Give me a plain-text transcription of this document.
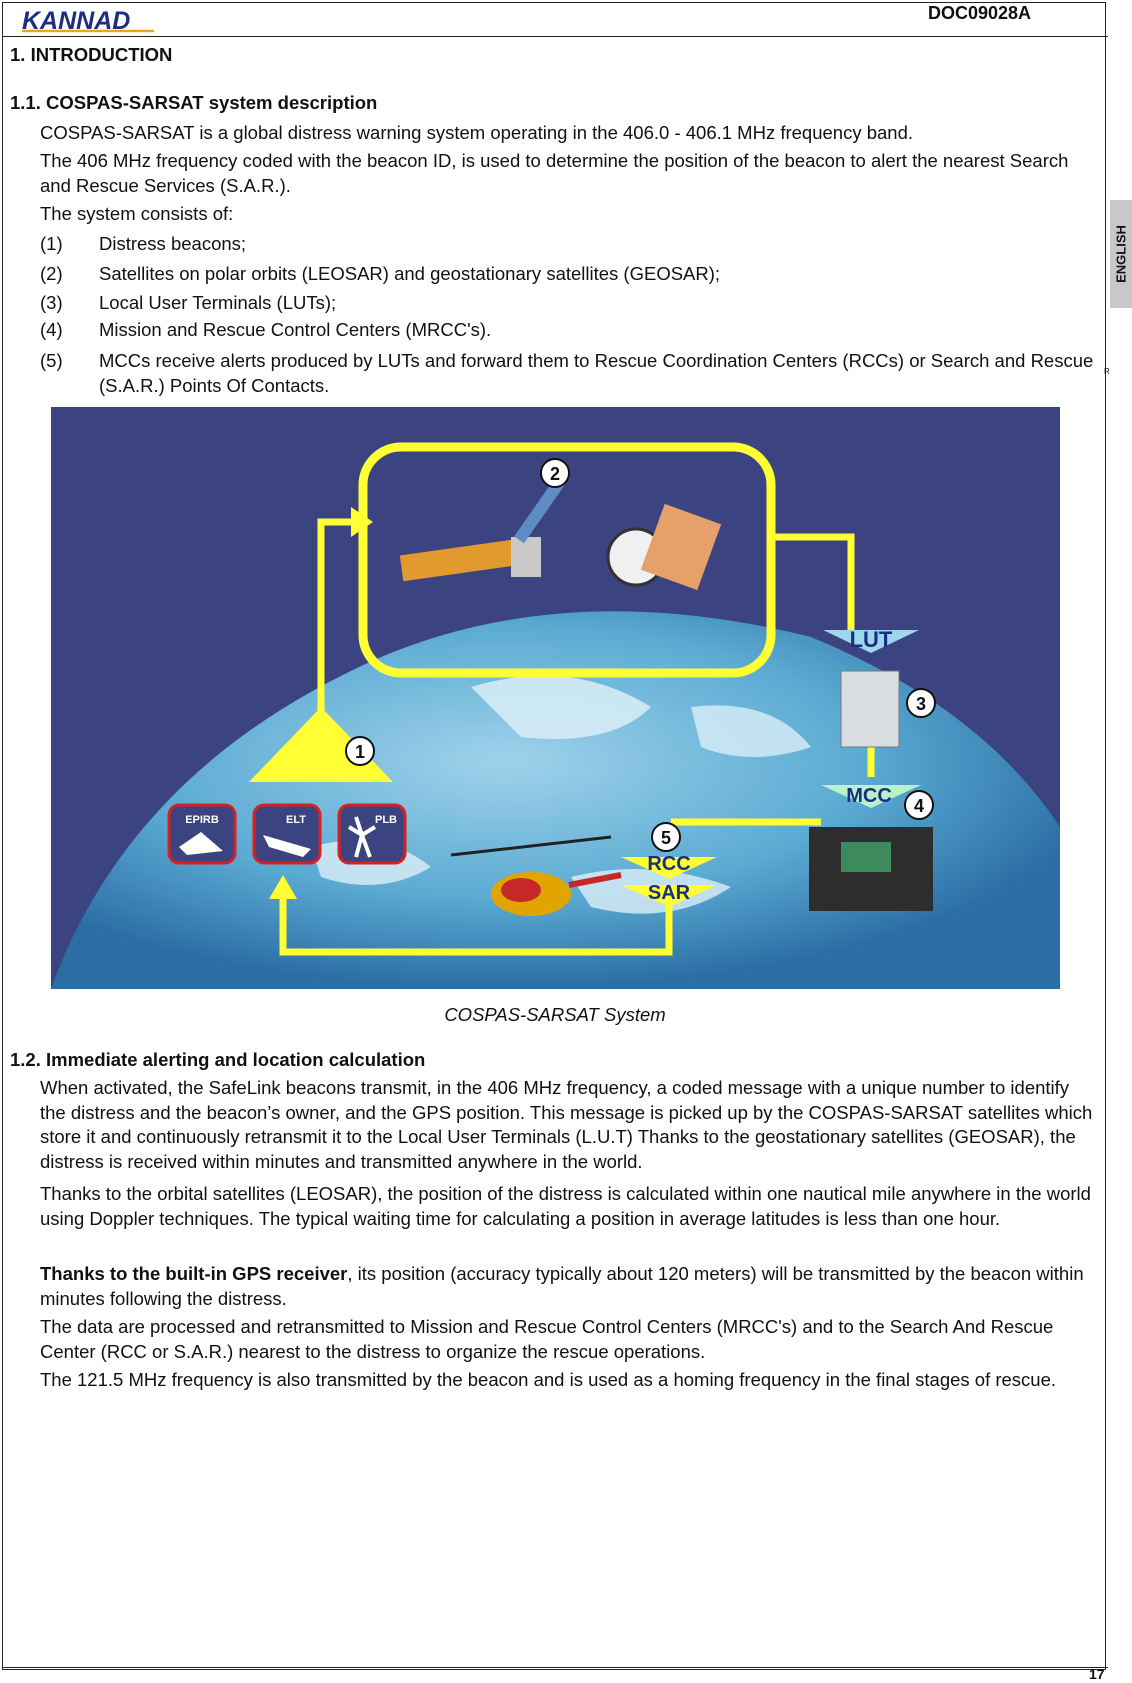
KANNAD	DOC09028A
ENGLISH
R
1. INTRODUCTION
1.1. COSPAS-SARSAT system description

COSPAS-SARSAT is a global distress warning system operating in the 406.0 - 406.1 MHz frequency band.

The 406 MHz frequency coded with the beacon ID, is used to determine the position of the beacon to alert the nearest Search and Rescue Services (S.A.R.).

The system consists of:

(1) Distress beacons;
(2) Satellites on polar orbits (LEOSAR) and geostationary satellites (GEOSAR);
(3) Local User Terminals (LUTs);
(4) Mission and Rescue Control Centers (MRCC's).
(5) MCCs receive alerts produced by LUTs and forward them to Rescue Coordination Centers (RCCs) or Search and Rescue (S.A.R.) Points Of Contacts.
LUT
MCC
RCC
SAR
EPIRB	ELT	PLB
1
2
3
4
5
COSPAS-SARSAT System
1.2. Immediate alerting and location calculation

When activated, the SafeLink beacons transmit, in the 406 MHz frequency, a coded message with a unique number to identify the distress and the beacon’s owner, and the GPS position. This message is picked up by the COSPAS-SARSAT satellites which store it and continuously retransmit it to the Local User Terminals (L.U.T) Thanks to the geostationary satellites (GEOSAR), the distress is received within minutes and transmitted anywhere in the world.

Thanks to the orbital satellites (LEOSAR), the position of the distress is calculated within one nautical mile anywhere in the world using Doppler techniques. The typical waiting time for calculating a position in average latitudes is less than one hour.

Thanks to the built-in GPS receiver, its position (accuracy typically about 120 meters) will be transmitted by the beacon within minutes following the distress.

The data are processed and retransmitted to Mission and Rescue Control Centers (MRCC's) and to the Search And Rescue Center (RCC or S.A.R.) nearest to the distress to organize the rescue operations.

The 121.5 MHz frequency is also transmitted by the beacon and is used as a homing frequency in the final stages of rescue.

17
